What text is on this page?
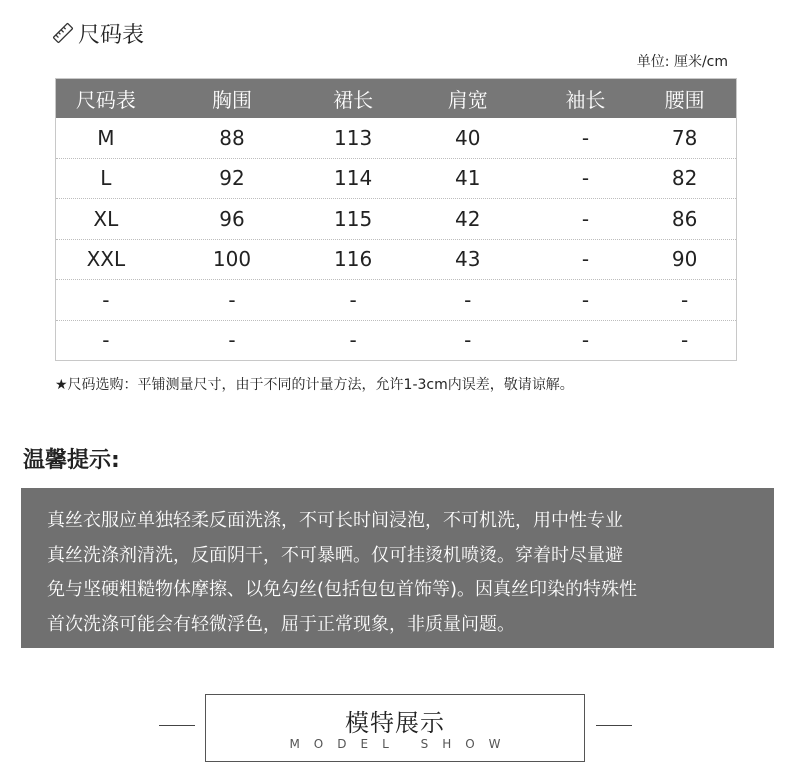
尺码表
单位: 厘米/cm
尺码表	胸围	裙长	肩宽	袖长	腰围
M	88	113	40	-	78
L	92	114	41	-	82
XL	96	115	42	-	86
XXL	100	116	43	-	90
-	-	-	-	-	-
-	-	-	-	-	-
★尺码选购：平铺测量尺寸，由于不同的计量方法，允许1-3cm内误差，敬请谅解。
温馨提示:
真丝衣服应单独轻柔反面洗涤，不可长时间浸泡，不可机洗，用中性专业
真丝洗涤剂清洗，反面阴干，不可暴晒。仅可挂烫机喷烫。穿着时尽量避
免与坚硬粗糙物体摩擦、以免勾丝(包括包包首饰等)。因真丝印染的特殊性
首次洗涤可能会有轻微浮色，屈于正常现象，非质量问题。
模特展示
MODEL SHOW
